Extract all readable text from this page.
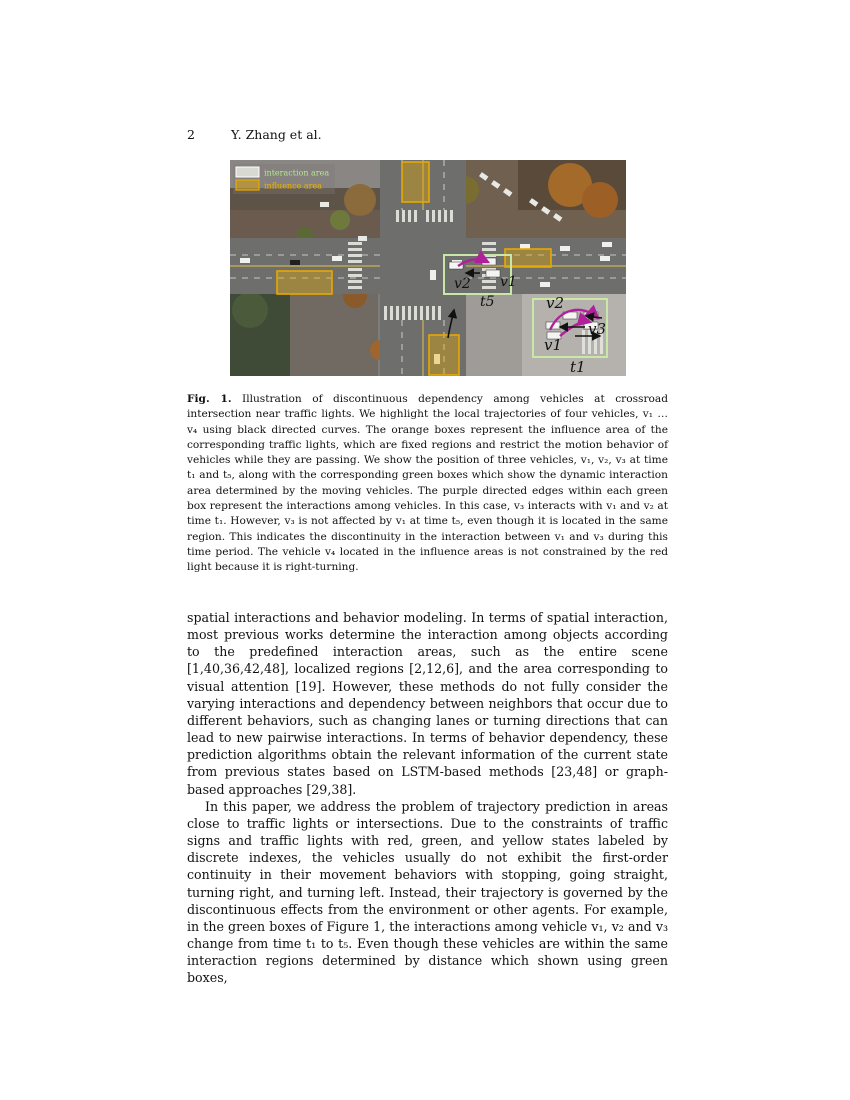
2	Y. Zhang et al.
interaction area
influence area
v2 v1
t5	v2
v3
v1
t1
Fig. 1. Illustration of discontinuous dependency among vehicles at crossroad intersection near traffic lights. We highlight the local trajectories of four vehicles, v₁ … v₄ using black directed curves. The orange boxes represent the influence area of the corresponding traffic lights, which are fixed regions and restrict the motion behavior of vehicles while they are passing. We show the position of three vehicles, v₁, v₂, v₃ at time t₁ and t₅, along with the corresponding green boxes which show the dynamic interaction area determined by the moving vehicles. The purple directed edges within each green box represent the interactions among vehicles. In this case, v₃ interacts with v₁ and v₂ at time t₁. However, v₃ is not affected by v₁ at time t₅, even though it is located in the same region. This indicates the discontinuity in the interaction between v₁ and v₃ during this time period. The vehicle v₄ located in the influence areas is not constrained by the red light because it is right-turning.

spatial interactions and behavior modeling. In terms of spatial interaction, most previous works determine the interaction among objects according to the predefined interaction areas, such as the entire scene [1,40,36,42,48], localized regions [2,12,6], and the area corresponding to visual attention [19]. However, these methods do not fully consider the varying interactions and dependency between neighbors that occur due to different behaviors, such as changing lanes or turning directions that can lead to new pairwise interactions. In terms of behavior dependency, these prediction algorithms obtain the relevant information of the current state from previous states based on LSTM-based methods [23,48] or graph-based approaches [29,38].

In this paper, we address the problem of trajectory prediction in areas close to traffic lights or intersections. Due to the constraints of traffic signs and traffic lights with red, green, and yellow states labeled by discrete indexes, the vehicles usually do not exhibit the first-order continuity in their movement behaviors with stopping, going straight, turning right, and turning left. Instead, their trajectory is governed by the discontinuous effects from the environment or other agents. For example, in the green boxes of Figure 1, the interactions among vehicle v₁, v₂ and v₃ change from time t₁ to t₅. Even though these vehicles are within the same interaction regions determined by distance which shown using green boxes,
